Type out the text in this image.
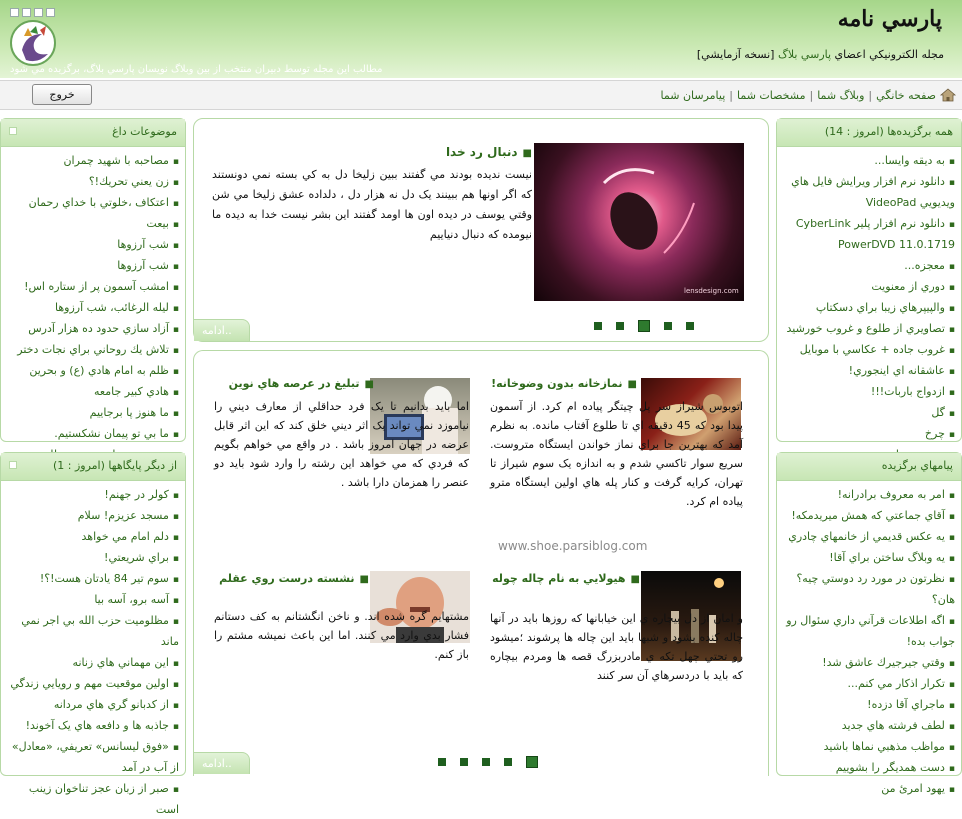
پارسي نامه
مجله الكترونيكي اعضاي پارسي بلاگ [نسخه آزمايشي]
مطالب اين مجله توسط دبيران منتخب از بين وبلاگ نويسان پارسي بلاگ، برگزيده مي شود
صفحه خانگي
|
وبلاگ شما
|
مشخصات شما
|
پيامرسان شما
خروج
موضوعات داغ
▪ مصاحبه با شهيد چمران
▪ زن يعني تحريك!؟
▪ اعتكاف ،خلوتي با خداي رحمان
▪ بيعت
▪ شب آرزوها
▪ شب آرزوها
▪ امشب آسمون پر از ستاره اس!
▪ ليله الرغائب، شب آرزوها
▪ آزاد سازي حدود ده هزار آدرس
▪ تلاش يك روحاني براي نجات دختر
▪ ظلم به امام هادي (ع) و بحرين
▪ هادي كبير جامعه
▪ ما هنوز پا برجاييم
▪ ما بي تو پيمان نشكستيم.
▪
از ديگر پايگاهها (امروز : 1)
▪ كولر در جهنم!
▪ مسجد عزيزم! سلام
▪ دلم امام مي خواهد
▪ براي شريعتي!
▪ سوم تير 84 يادتان هست!؟!
▪ آسه برو، آسه بيا
▪ مظلوميت حزب الله بي اجر نمي
ماند
▪ اين مهماني هاي زنانه
▪ اولين موقعيت مهم و رويايي زندگي
▪ از كدبانو گري هاي مردانه
▪ جاذبه ها و دافعه هاي يک آخوند!
▪ «فوق ليسانس» تعريفي، «معادل»
از آب در آمد
▪ صبر از زبان عجز تناخوان زينب است
همه برگزيده‌ها (امروز : 14)
▪ به ديقه وايسا...
▪ دانلود نرم افزار ويرايش فايل هاي
ويديويي VideoPad
▪ دانلود نرم افزار پلير CyberLink
PowerDVD 11.0.1719
▪ معجزه...
▪ دوري از معنويت
▪ والپيپرهاي زيبا براي دسكتاپ
▪ تصاويري از طلوع و غروب خورشيد
▪ غروب جاده + عكاسي با موبايل
▪ عاشقانه اي اينجوري!
▪ ازدواج باربات!!!
▪ گل
▪ چرخ
▪
پيامهاي برگزيده
▪ امر به معروف برادرانه!
▪ آقاي جماعتي كه همش ميريدمكه!
▪ يه عكس قديمي از خانمهاي چادري
▪ يه وبلاگ ساختن براي آقا!
▪ نظرتون در مورد رد دوستي چيه؟
هان؟
▪ اگه اطلاعات قرآني داري سئوال رو
جواب بده!
▪ وقتي جيرجيرك عاشق شد!
▪ تكرار اذكار مي كنم...
▪ ماجراي آقا دزده!
▪ لطف فرشته هاي جديد
▪ مواظب مذهبي نماها باشيد
▪ دست همديگر را بشوييم
▪ يهود امرئ من
lensdesign.com
■ دنبال رد خدا
نيست نديده بودند مي گفتند ببين زليخا دل به كي بسته نمي دونستند كه اگر اونها هم ببينند يک دل نه هزار دل ، دلداده عشق زليخا مي شن وقتي يوسف در ديده اون ها اومد گفتند اين بشر نيست خدا به ديده ما نيومده كه دنبال دنياييم
ادامه..
■ نمازخانه بدون وضوخانه!
اتوبوس شيراز سر پل چيتگر پياده ام كرد. از آسمون پيدا بود كه 45 دقيقه اي تا طلوع آفتاب مانده. به نظرم آمد كه بهترين جا براي نماز خواندن ايستگاه متروست. سريع سوار تاكسي شدم و به اندازه يک سوم شيراز تا تهران، كرايه گرفت و كنار پله هاي اولين ايستگاه مترو پياده ام كرد.
■ تبليغ در عرصه هاي نوين
اما بايد بدانيم تا يک فرد حداقلي از معارف ديني را نياموزد نمي تواند يک اثر ديني خلق كند كه اين اثر قابل عرضه در جهان امروز باشد . در واقع مي خواهم بگويم كه فردي كه مي خواهد اين رشته را وارد شود بايد دو عنصر را همزمان دارا باشد .
www.shoe.parsiblog.com
■ هيولايي به نام چاله چوله
و امان از دل بيچاره ي اين خيابانها كه روزها بايد در آنها چاله كنده بشود و شبها بايد اين چاله ها پرشوند ؛ميشود رو تحتي چهل تكه ي مادربزرگ قصه ها ومردم بيچاره كه بايد با دردسرهاي آن سر كنند
■ نشسته درست روي عقلم
مشتهايم گره شده اند. و ناخن انگشتانم به كف دستانم فشار بدي وارد مي كنند. اما اين باعث نميشه مشتم را باز كنم.
ادامه..
